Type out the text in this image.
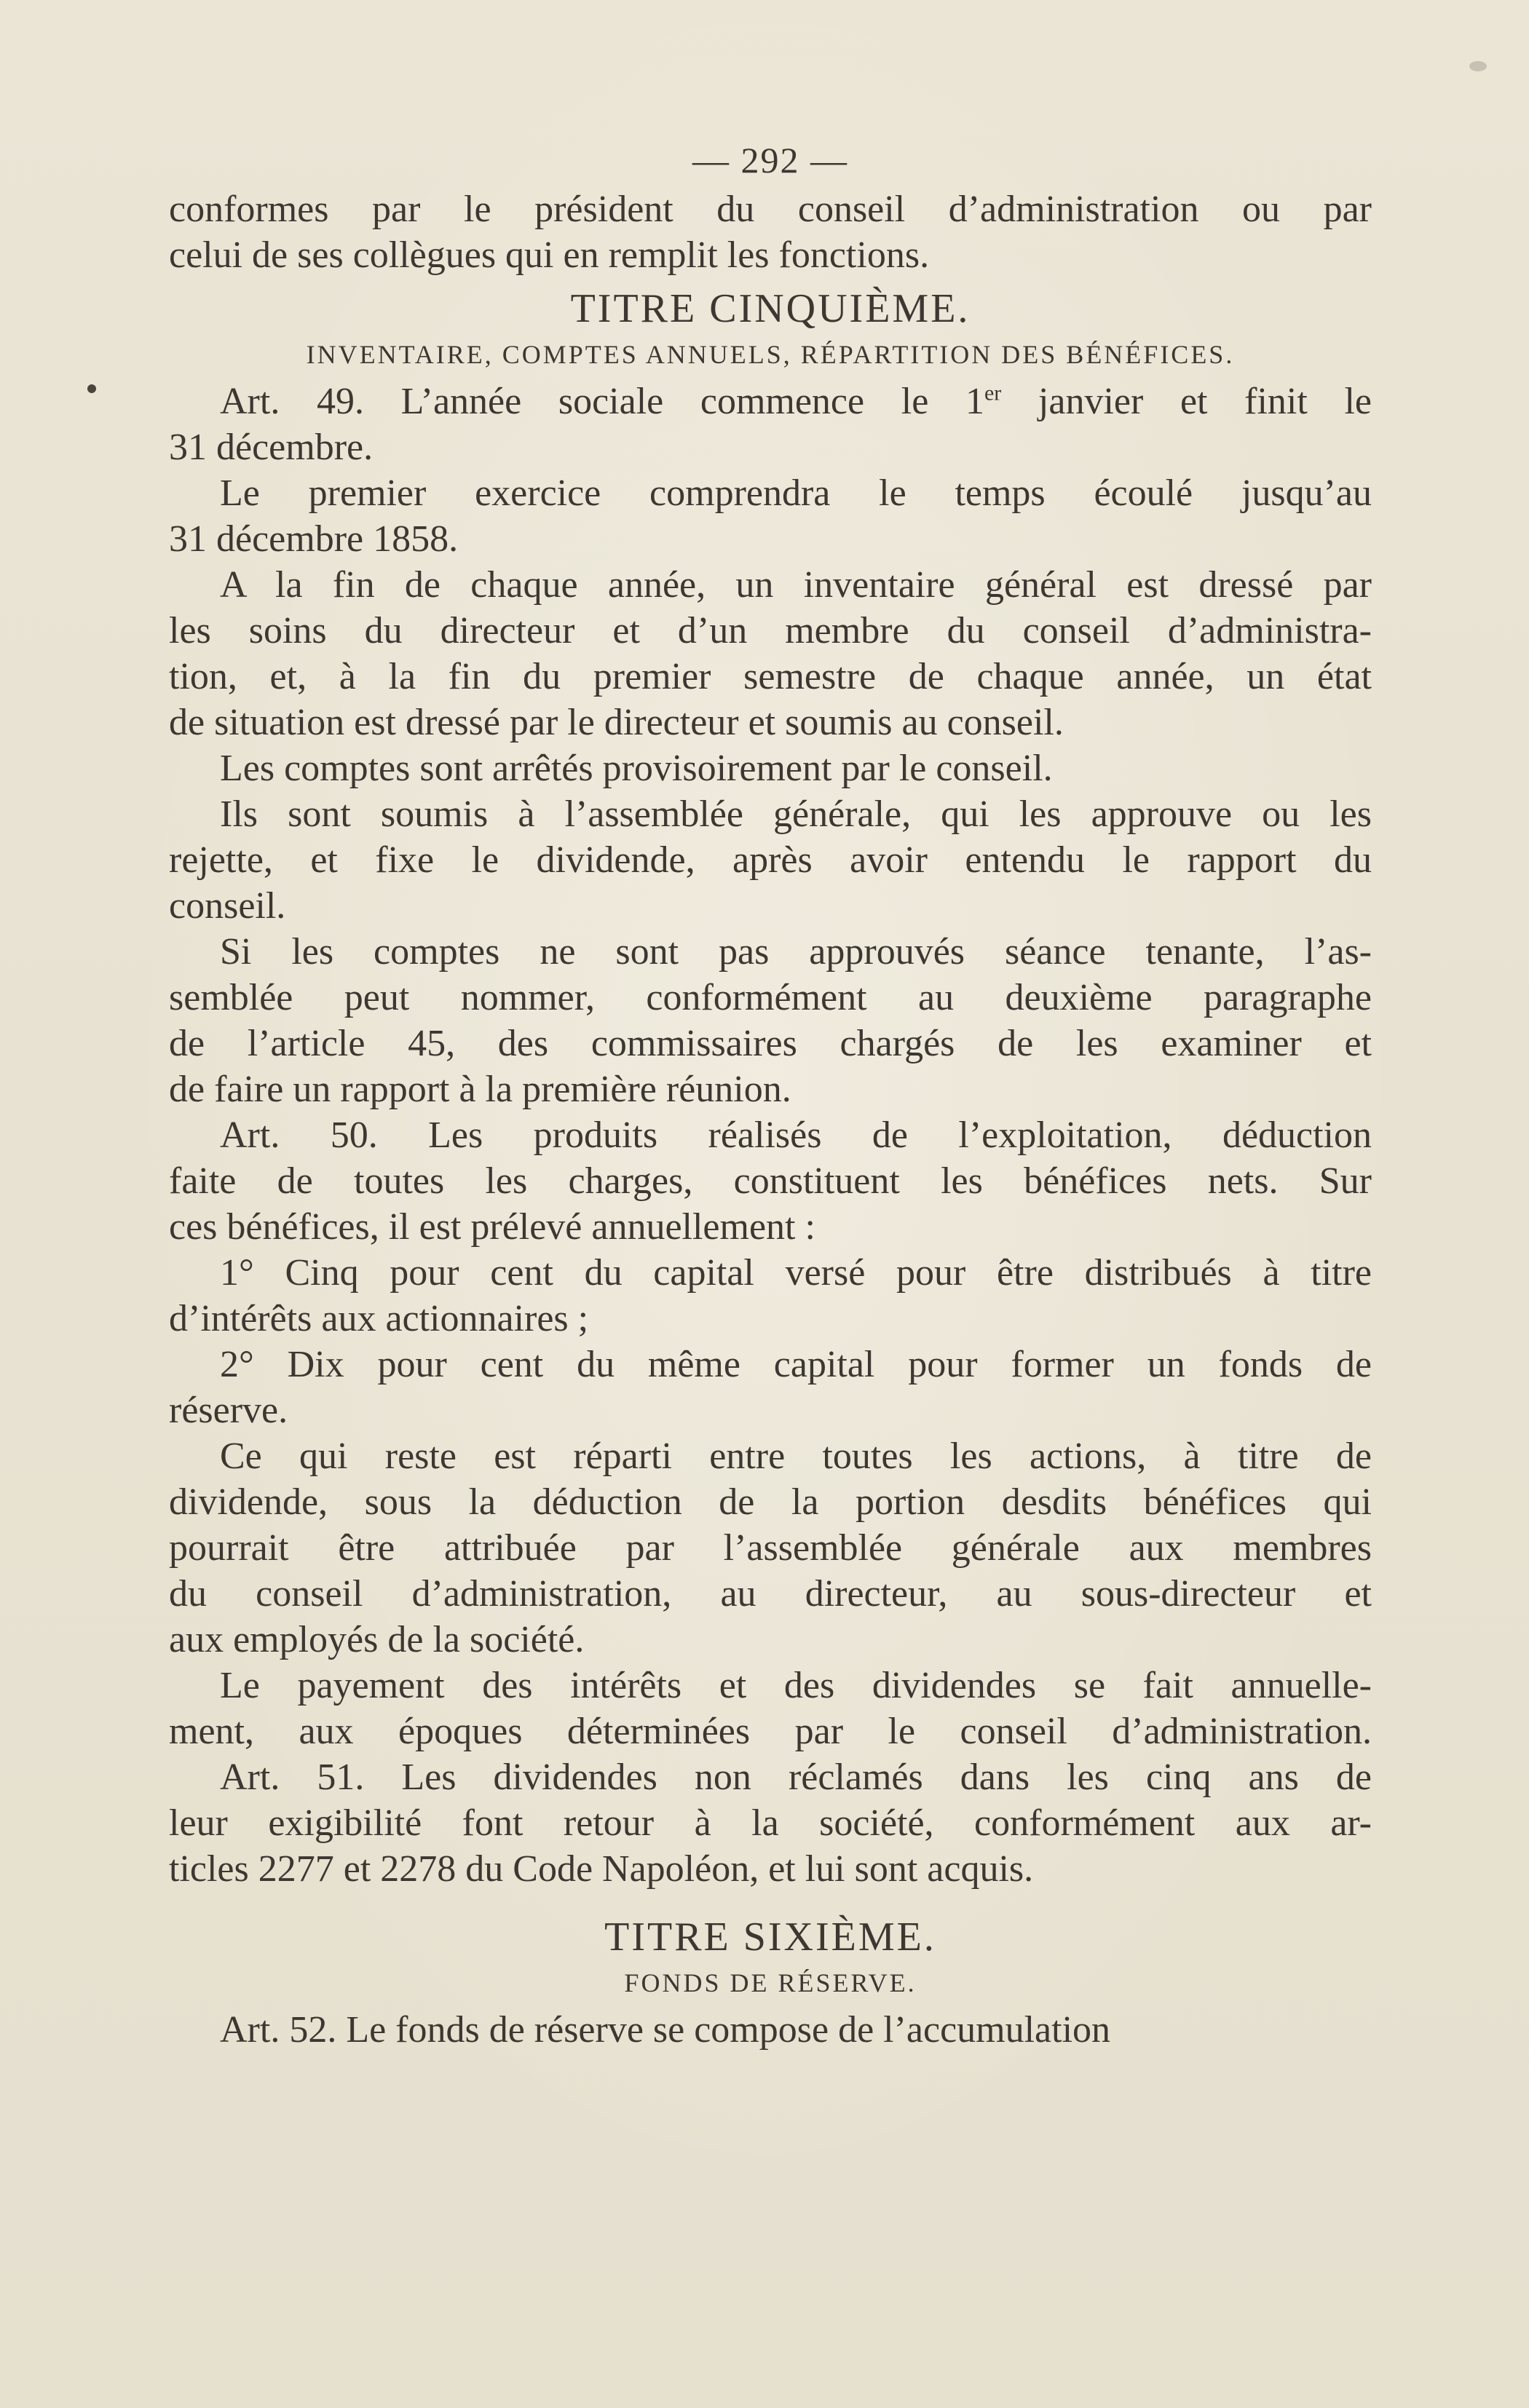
— 292 —
conformes par le président du conseil d’administration ou par
celui de ses collègues qui en remplit les fonctions.
TITRE CINQUIÈME.
INVENTAIRE, COMPTES ANNUELS, RÉPARTITION DES BÉNÉFICES.
Art. 49. L’année sociale commence le 1er janvier et finit le
31 décembre.
Le premier exercice comprendra le temps écoulé jusqu’au
31 décembre 1858.
A la fin de chaque année, un inventaire général est dressé par
les soins du directeur et d’un membre du conseil d’administra-
tion, et, à la fin du premier semestre de chaque année, un état
de situation est dressé par le directeur et soumis au conseil.
Les comptes sont arrêtés provisoirement par le conseil.
Ils sont soumis à l’assemblée générale, qui les approuve ou les
rejette, et fixe le dividende, après avoir entendu le rapport du
conseil.
Si les comptes ne sont pas approuvés séance tenante, l’as-
semblée peut nommer, conformément au deuxième paragraphe
de l’article 45, des commissaires chargés de les examiner et
de faire un rapport à la première réunion.
Art. 50. Les produits réalisés de l’exploitation, déduction
faite de toutes les charges, constituent les bénéfices nets. Sur
ces bénéfices, il est prélevé annuellement :
1° Cinq pour cent du capital versé pour être distribués à titre
d’intérêts aux actionnaires ;
2° Dix pour cent du même capital pour former un fonds de
réserve.
Ce qui reste est réparti entre toutes les actions, à titre de
dividende, sous la déduction de la portion desdits bénéfices qui
pourrait être attribuée par l’assemblée générale aux membres
du conseil d’administration, au directeur, au sous-directeur et
aux employés de la société.
Le payement des intérêts et des dividendes se fait annuelle-
ment, aux époques déterminées par le conseil d’administration.
Art. 51. Les dividendes non réclamés dans les cinq ans de
leur exigibilité font retour à la société, conformément aux ar-
ticles 2277 et 2278 du Code Napoléon, et lui sont acquis.
TITRE SIXIÈME.
FONDS DE RÉSERVE.
Art. 52. Le fonds de réserve se compose de l’accumulation
